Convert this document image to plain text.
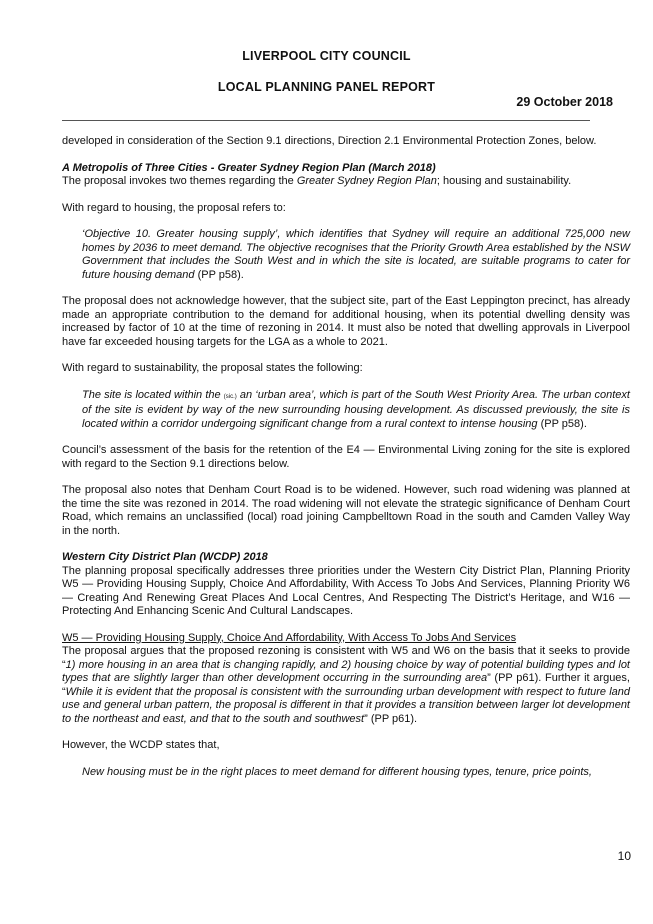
LIVERPOOL CITY COUNCIL
LOCAL PLANNING PANEL REPORT
29 October 2018

developed in consideration of the Section 9.1 directions, Direction 2.1 Environmental Protection Zones, below.

A Metropolis of Three Cities - Greater Sydney Region Plan (March 2018)

The proposal invokes two themes regarding the Greater Sydney Region Plan; housing and sustainability.

With regard to housing, the proposal refers to:

‘Objective 10. Greater housing supply’, which identifies that Sydney will require an additional 725,000 new homes by 2036 to meet demand. The objective recognises that the Priority Growth Area established by the NSW Government that includes the South West and in which the site is located, are suitable programs to cater for future housing demand (PP p58).

The proposal does not acknowledge however, that the subject site, part of the East Leppington precinct, has already made an appropriate contribution to the demand for additional housing, when its potential dwelling density was increased by factor of 10 at the time of rezoning in 2014. It must also be noted that dwelling approvals in Liverpool have far exceeded housing targets for the LGA as a whole to 2021.

With regard to sustainability, the proposal states the following:

The site is located within the (sic.) an ‘urban area’, which is part of the South West Priority Area. The urban context of the site is evident by way of the new surrounding housing development. As discussed previously, the site is located within a corridor undergoing significant change from a rural context to intense housing (PP p58).

Council’s assessment of the basis for the retention of the E4 — Environmental Living zoning for the site is explored with regard to the Section 9.1 directions below.

The proposal also notes that Denham Court Road is to be widened. However, such road widening was planned at the time the site was rezoned in 2014. The road widening will not elevate the strategic significance of Denham Court Road, which remains an unclassified (local) road joining Campbelltown Road in the south and Camden Valley Way in the north.

Western City District Plan (WCDP) 2018

The planning proposal specifically addresses three priorities under the Western City District Plan, Planning Priority W5 — Providing Housing Supply, Choice And Affordability, With Access To Jobs And Services, Planning Priority W6 — Creating And Renewing Great Places And Local Centres, And Respecting The District’s Heritage, and W16 — Protecting And Enhancing Scenic And Cultural Landscapes.

W5 — Providing Housing Supply, Choice And Affordability, With Access To Jobs And Services

The proposal argues that the proposed rezoning is consistent with W5 and W6 on the basis that it seeks to provide “1) more housing in an area that is changing rapidly, and 2) housing choice by way of potential building types and lot types that are slightly larger than other development occurring in the surrounding area” (PP p61). Further it argues, “While it is evident that the proposal is consistent with the surrounding urban development with respect to future land use and general urban pattern, the proposal is different in that it provides a transition between larger lot development to the northeast and east, and that to the south and southwest” (PP p61).

However, the WCDP states that,

New housing must be in the right places to meet demand for different housing types, tenure, price points,

10
